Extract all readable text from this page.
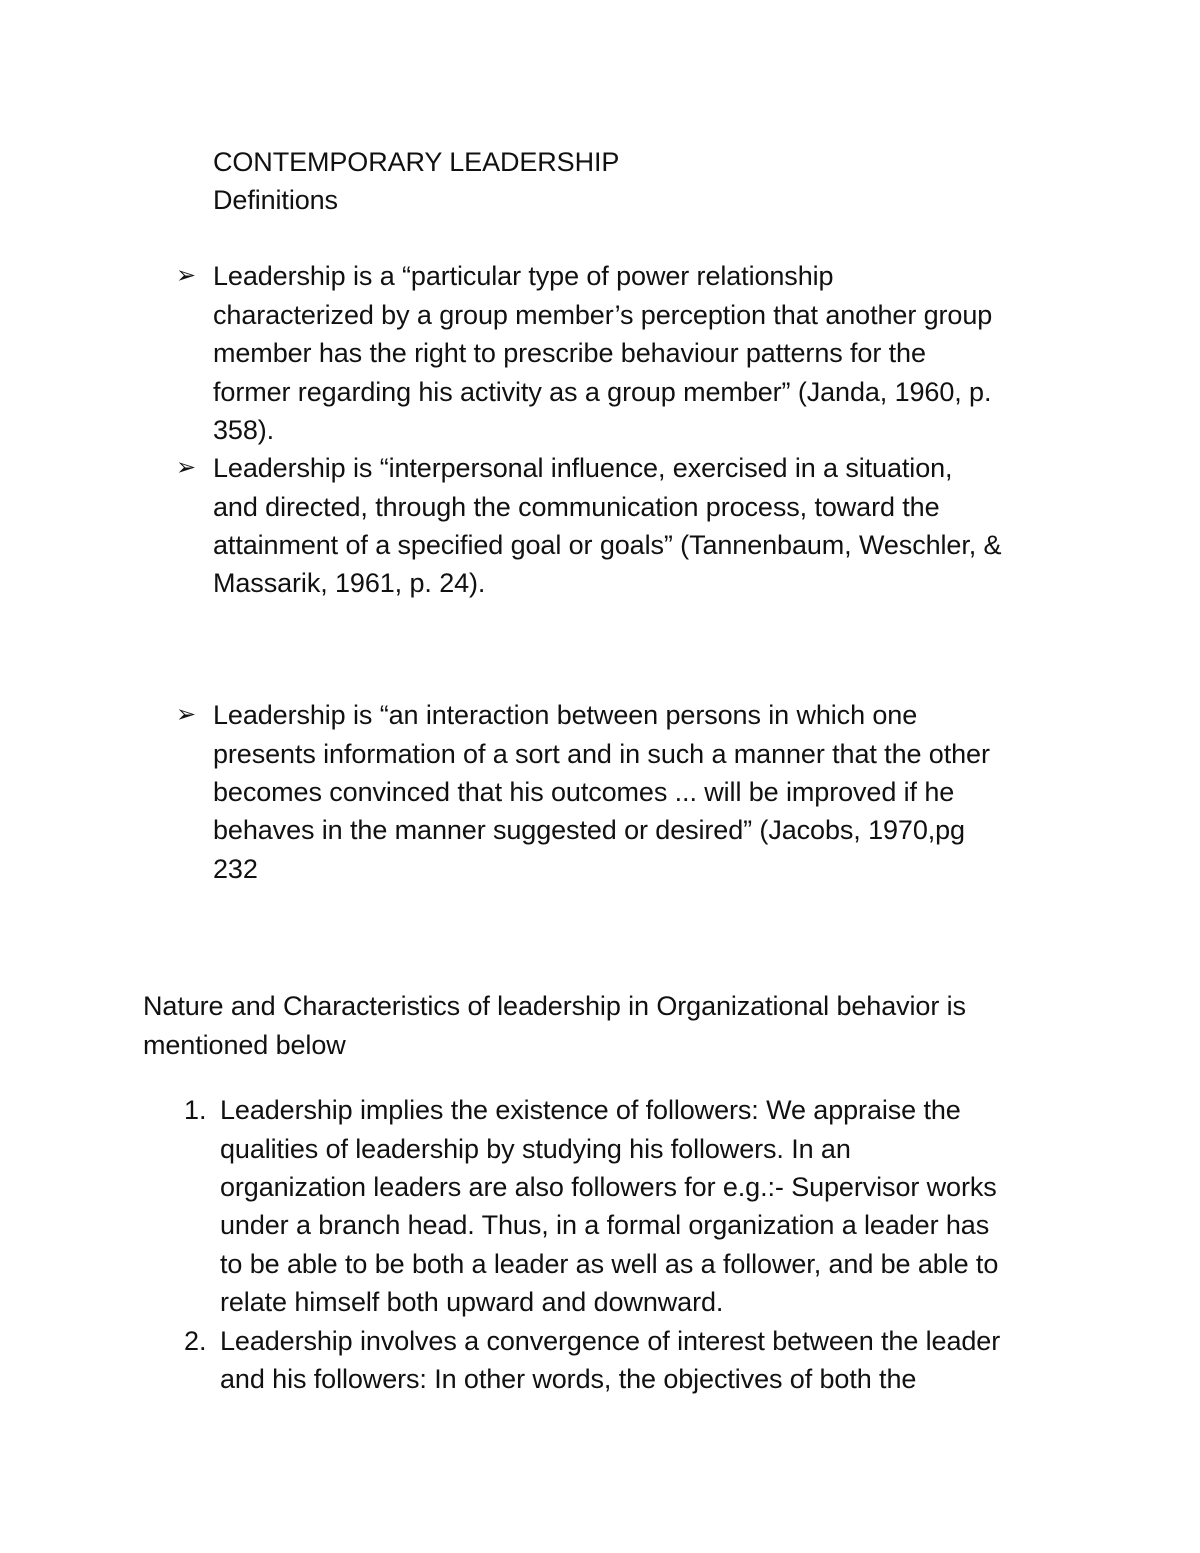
CONTEMPORARY LEADERSHIP
Definitions
➢ Leadership is a “particular type of power relationship
characterized by a group member’s perception that another group
member has the right to prescribe behaviour patterns for the
former regarding his activity as a group member” (Janda, 1960, p.
358).
➢ Leadership is “interpersonal influence, exercised in a situation,
and directed, through the communication process, toward the
attainment of a specified goal or goals” (Tannenbaum, Weschler, &
Massarik, 1961, p. 24).
➢ Leadership is “an interaction between persons in which one
presents information of a sort and in such a manner that the other
becomes convinced that his outcomes ... will be improved if he
behaves in the manner suggested or desired” (Jacobs, 1970,pg
232
Nature and Characteristics of leadership in Organizational behavior is
mentioned below
1. Leadership implies the existence of followers: We appraise the
qualities of leadership by studying his followers. In an
organization leaders are also followers for e.g.:- Supervisor works
under a branch head. Thus, in a formal organization a leader has
to be able to be both a leader as well as a follower, and be able to
relate himself both upward and downward.
2. Leadership involves a convergence of interest between the leader
and his followers: In other words, the objectives of both the
